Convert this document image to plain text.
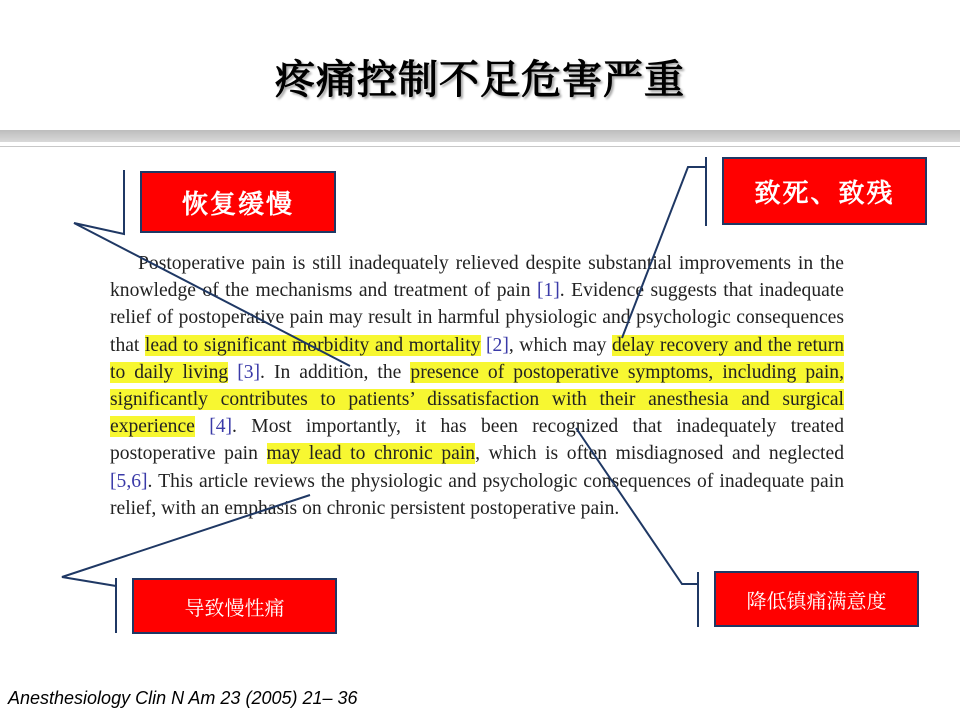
疼痛控制不足危害严重

Postoperative pain is still inadequately relieved despite substantial improvements in the knowledge of the mechanisms and treatment of pain [1]. Evidence suggests that inadequate relief of postoperative pain may result in harmful physiologic and psychologic consequences that lead to significant morbidity and mortality [2], which may delay recovery and the return to daily living [3]. In addition, the presence of postoperative symptoms, including pain, significantly contributes to patients’ dissatisfaction with their anesthesia and surgical experience [4]. Most importantly, it has been recognized that inadequately treated postoperative pain may lead to chronic pain, which is often misdiagnosed and neglected [5,6]. This article reviews the physiologic and psychologic consequences of inadequate pain relief, with an emphasis on chronic persistent postoperative pain.

恢复缓慢	致死、致残
导致慢性痛	降低镇痛满意度
Anesthesiology Clin N Am 23 (2005) 21– 36
